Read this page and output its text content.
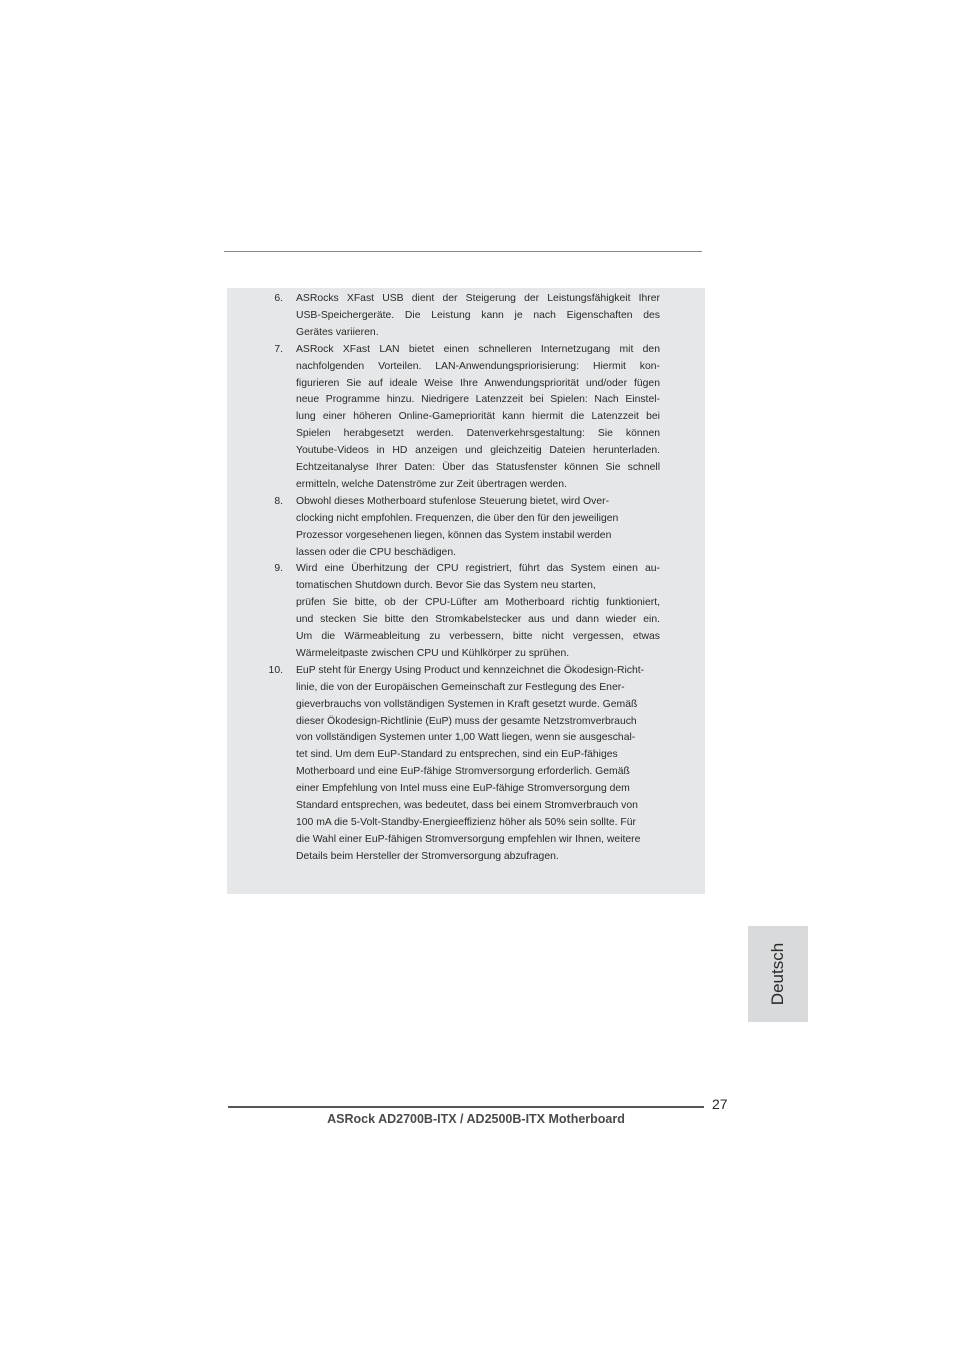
6. ASRocks XFast USB dient der Steigerung der Leistungsfähigkeit Ihrer
USB-Speichergeräte. Die Leistung kann je nach Eigenschaften des
Gerätes variieren.
7. ASRock XFast LAN bietet einen schnelleren Internetzugang mit den
nachfolgenden Vorteilen. LAN-Anwendungspriorisierung: Hiermit kon-
figurieren Sie auf ideale Weise Ihre Anwendungspriorität und/oder fügen
neue Programme hinzu. Niedrigere Latenzzeit bei Spielen: Nach Einstel-
lung einer höheren Online-Gamepriorität kann hiermit die Latenzzeit bei
Spielen herabgesetzt werden. Datenverkehrsgestaltung: Sie können
Youtube-Videos in HD anzeigen und gleichzeitig Dateien herunterladen.
Echtzeitanalyse Ihrer Daten: Über das Statusfenster können Sie schnell
ermitteln, welche Datenströme zur Zeit übertragen werden.
8. Obwohl dieses Motherboard stufenlose Steuerung bietet, wird Over-
clocking nicht empfohlen. Frequenzen, die über den für den jeweiligen
Prozessor vorgesehenen liegen, können das System instabil werden
lassen oder die CPU beschädigen.
9. Wird eine Überhitzung der CPU registriert, führt das System einen au-
tomatischen Shutdown durch. Bevor Sie das System neu starten,
prüfen Sie bitte, ob der CPU-Lüfter am Motherboard richtig funktioniert,
und stecken Sie bitte den Stromkabelstecker aus und dann wieder ein.
Um die Wärmeableitung zu verbessern, bitte nicht vergessen, etwas
Wärmeleitpaste zwischen CPU und Kühlkörper zu sprühen.
10. EuP steht für Energy Using Product und kennzeichnet die Ökodesign-Richt-
linie, die von der Europäischen Gemeinschaft zur Festlegung des Ener-
gieverbrauchs von vollständigen Systemen in Kraft gesetzt wurde. Gemäß
dieser Ökodesign-Richtlinie (EuP) muss der gesamte Netzstromverbrauch
von vollständigen Systemen unter 1,00 Watt liegen, wenn sie ausgeschal-
tet sind. Um dem EuP-Standard zu entsprechen, sind ein EuP-fähiges
Motherboard und eine EuP-fähige Stromversorgung erforderlich. Gemäß
einer Empfehlung von Intel muss eine EuP-fähige Stromversorgung dem
Standard entsprechen, was bedeutet, dass bei einem Stromverbrauch von
100 mA die 5-Volt-Standby-Energieeffizienz höher als 50% sein sollte. Für
die Wahl einer EuP-fähigen Stromversorgung empfehlen wir Ihnen, weitere
Details beim Hersteller der Stromversorgung abzufragen.
Deutsch
27
ASRock AD2700B-ITX / AD2500B-ITX Motherboard
